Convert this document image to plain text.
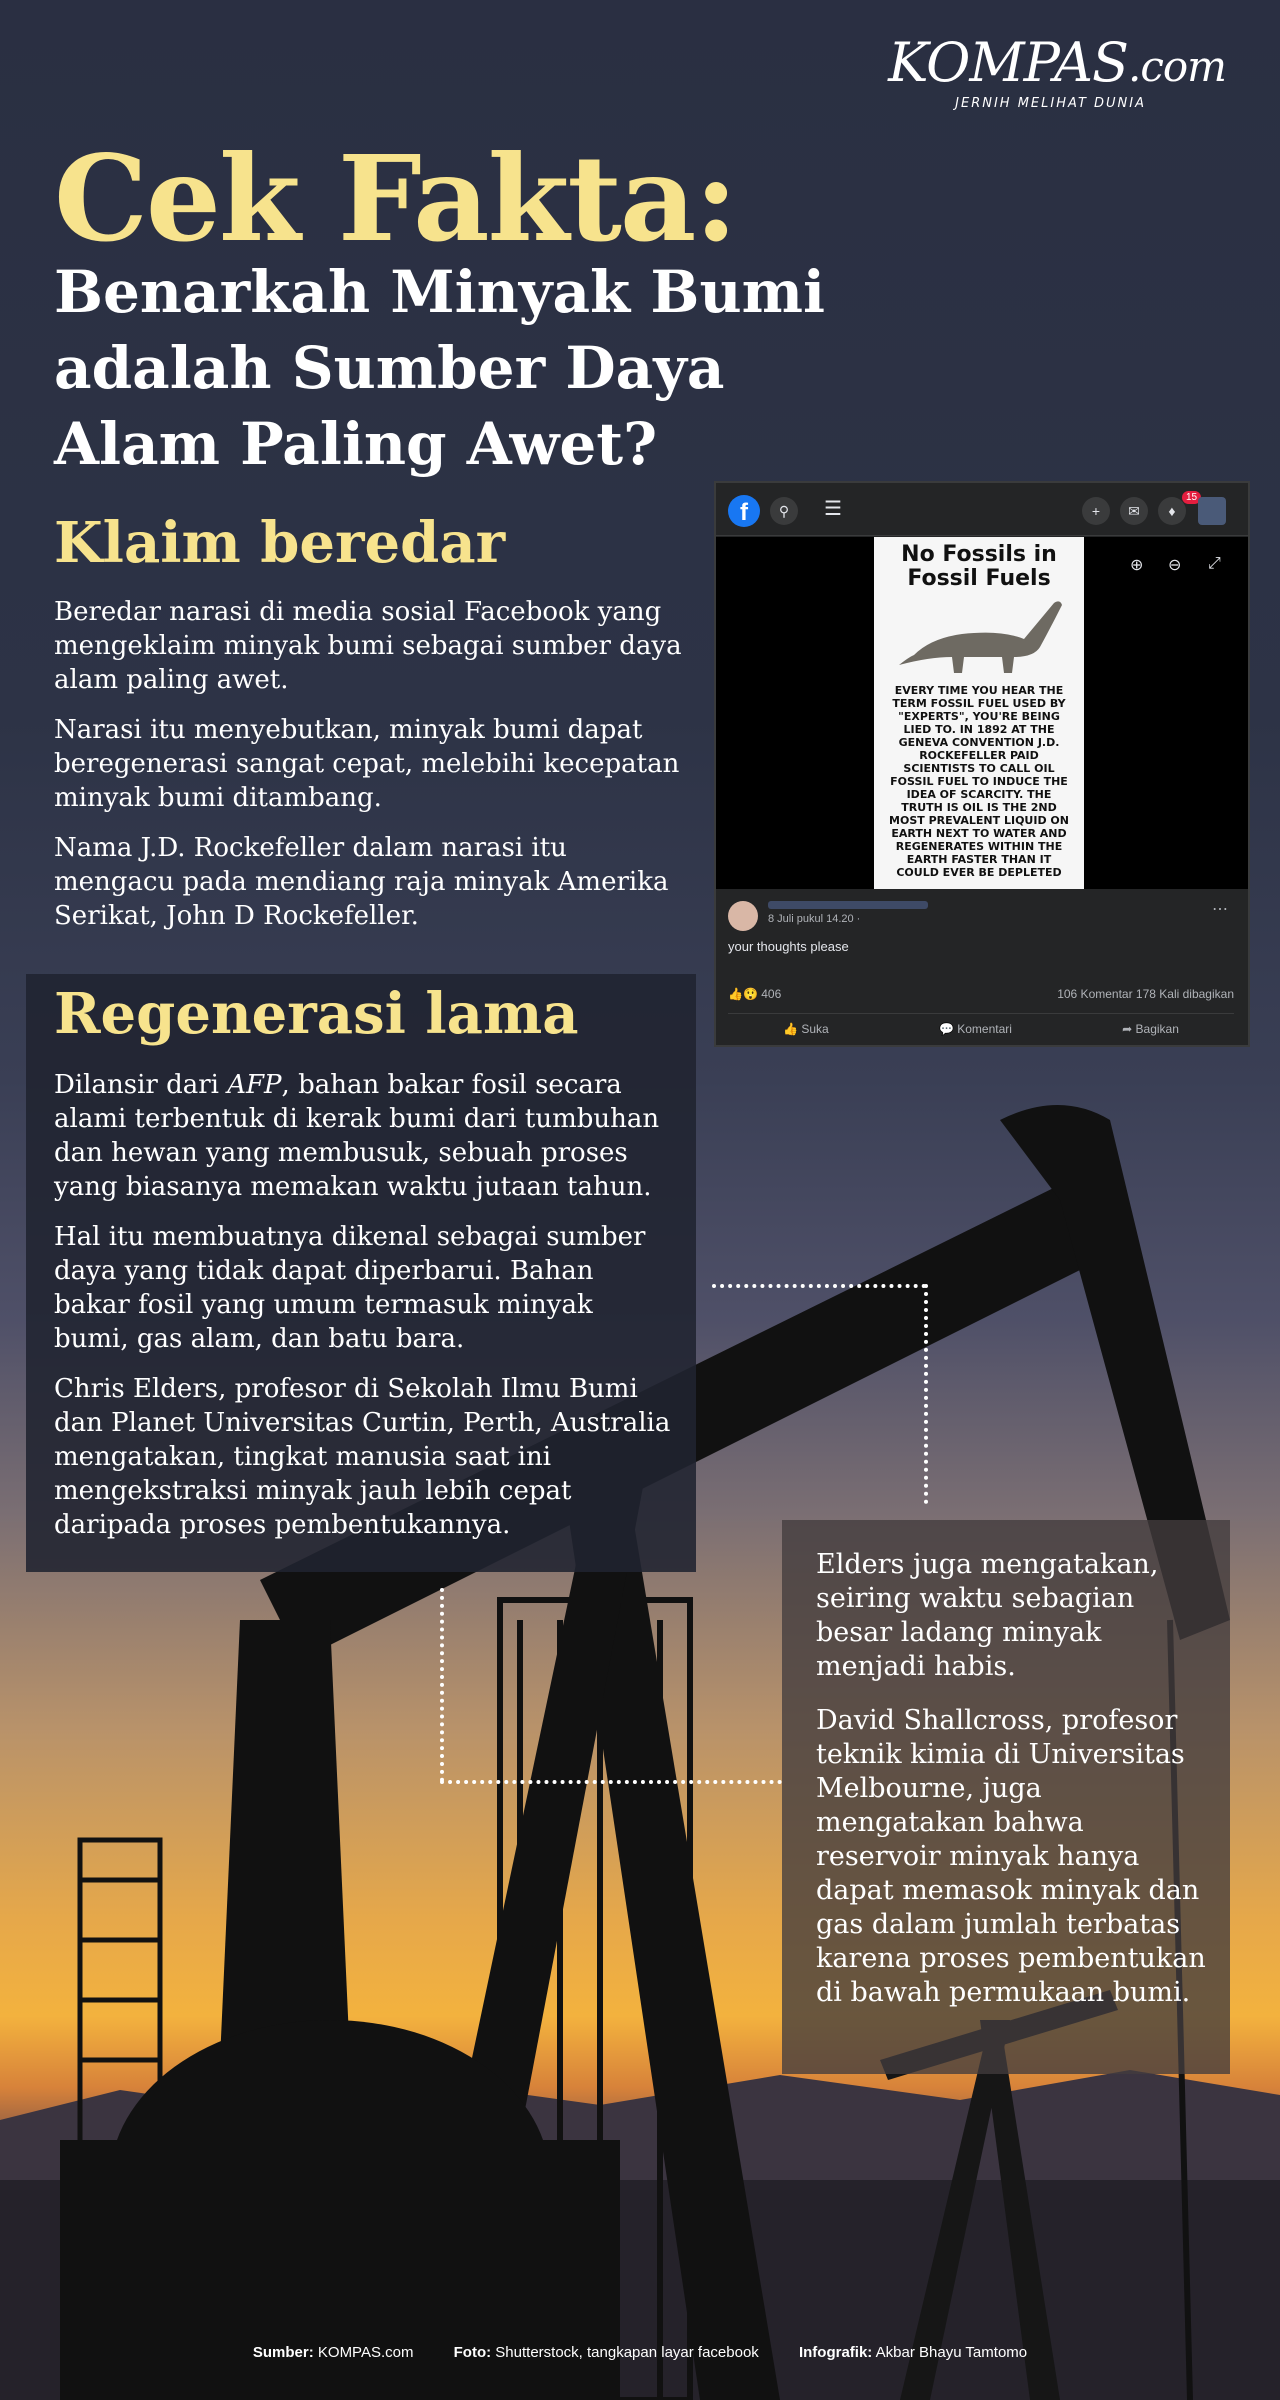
KOMPAS.com
JERNIH MELIHAT DUNIA
Cek Fakta:
Benarkah Minyak Bumi adalah Sumber Daya Alam Paling Awet?
Klaim beredar

Beredar narasi di media sosial Facebook yang mengeklaim minyak bumi sebagai sumber daya alam paling awet.

Narasi itu menyebutkan, minyak bumi dapat beregenerasi sangat cepat, melebihi kecepatan minyak bumi ditambang.

Nama J.D. Rockefeller dalam narasi itu mengacu pada mendiang raja minyak Amerika Serikat, John D Rockefeller.

f	⚲	☰	+	✉	♦
15
No Fossils in Fossil Fuels
EVERY TIME YOU HEAR THE TERM FOSSIL FUEL USED BY "EXPERTS", YOU'RE BEING LIED TO. IN 1892 AT THE GENEVA CONVENTION J.D. ROCKEFELLER PAID SCIENTISTS TO CALL OIL FOSSIL FUEL TO INDUCE THE IDEA OF SCARCITY. THE TRUTH IS OIL IS THE 2ND MOST PREVALENT LIQUID ON EARTH NEXT TO WATER AND REGENERATES WITHIN THE EARTH FASTER THAN IT COULD EVER BE DEPLETED
⊕ ⊖ ⤢
8 Juli pukul 14.20 ·
⋯
your thoughts please
👍😲 406	106 Komentar 178 Kali dibagikan
👍 Suka	💬 Komentari	➦ Bagikan
Regenerasi lama

Dilansir dari AFP, bahan bakar fosil secara alami terbentuk di kerak bumi dari tumbuhan dan hewan yang membusuk, sebuah proses yang biasanya memakan waktu jutaan tahun.

Hal itu membuatnya dikenal sebagai sumber daya yang tidak dapat diperbarui. Bahan bakar fosil yang umum termasuk minyak bumi, gas alam, dan batu bara.

Chris Elders, profesor di Sekolah Ilmu Bumi dan Planet Universitas Curtin, Perth, Australia mengatakan, tingkat manusia saat ini mengekstraksi minyak jauh lebih cepat daripada proses pembentukannya.

Elders juga mengatakan, seiring waktu sebagian besar ladang minyak menjadi habis.

David Shallcross, profesor teknik kimia di Universitas Melbourne, juga mengatakan bahwa reservoir minyak hanya dapat memasok minyak dan gas dalam jumlah terbatas karena proses pembentukan di bawah permukaan bumi.

Sumber: KOMPAS.com	Foto: Shutterstock, tangkapan layar facebook	Infografik: Akbar Bhayu Tamtomo
